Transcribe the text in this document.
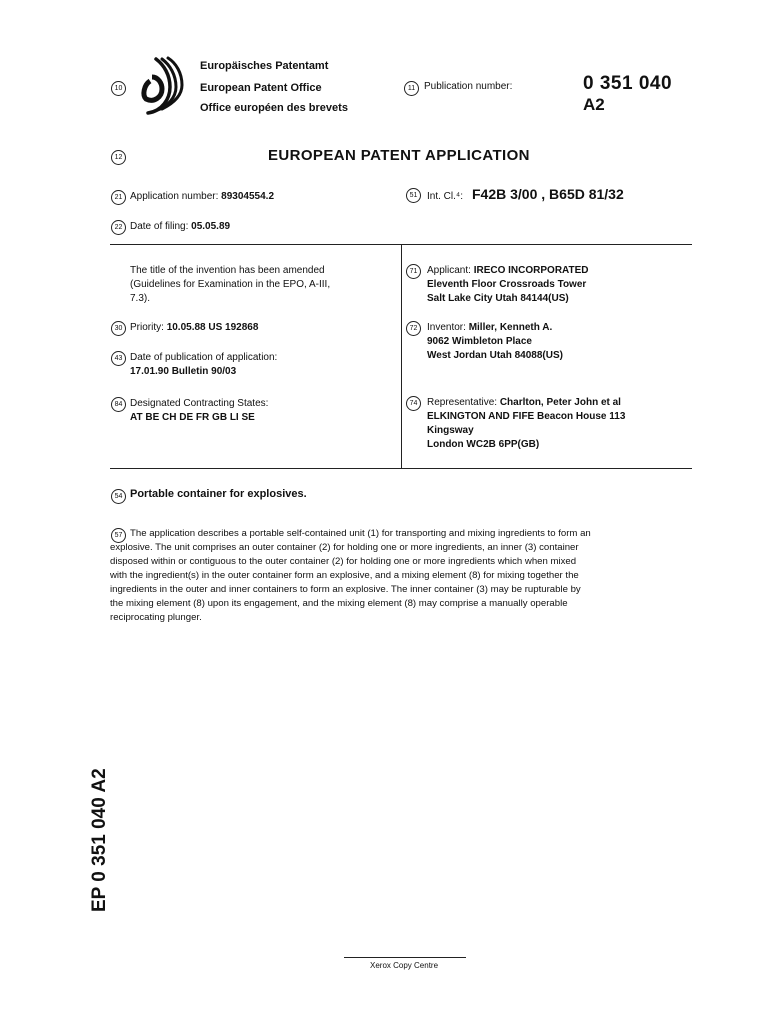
10
Europäisches Patentamt
European Patent Office
Office européen des brevets
11 Publication number:	0 351 040
A2
12	EUROPEAN PATENT APPLICATION
21 Application number: 89304554.2
22 Date of filing: 05.05.89
51 Int. Cl.⁴: F42B 3/00 , B65D 81/32
The title of the invention has been amended
(Guidelines for Examination in the EPO, A-III,
7.3).
30 Priority: 10.05.88 US 192868
43 Date of publication of application:
17.01.90 Bulletin 90/03
84 Designated Contracting States:
AT BE CH DE FR GB LI SE
71 Applicant: IRECO INCORPORATED
Eleventh Floor Crossroads Tower
Salt Lake City Utah 84144(US)
72 Inventor: Miller, Kenneth A.
9062 Wimbleton Place
West Jordan Utah 84088(US)
74 Representative: Charlton, Peter John et al
ELKINGTON AND FIFE Beacon House 113
Kingsway
London WC2B 6PP(GB)
54 Portable container for explosives.
57 The application describes a portable self-contained unit (1) for transporting and mixing ingredients to form an
explosive. The unit comprises an outer container (2) for holding one or more ingredients, an inner (3) container
disposed within or contiguous to the outer container (2) for holding one or more ingredients which when mixed
with the ingredient(s) in the outer container form an explosive, and a mixing element (8) for mixing together the
ingredients in the outer and inner containers to form an explosive. The inner container (3) may be rupturable by
the mixing element (8) upon its engagement, and the mixing element (8) may comprise a manually operable
reciprocating plunger.
EP 0 351 040 A2
Xerox Copy Centre
